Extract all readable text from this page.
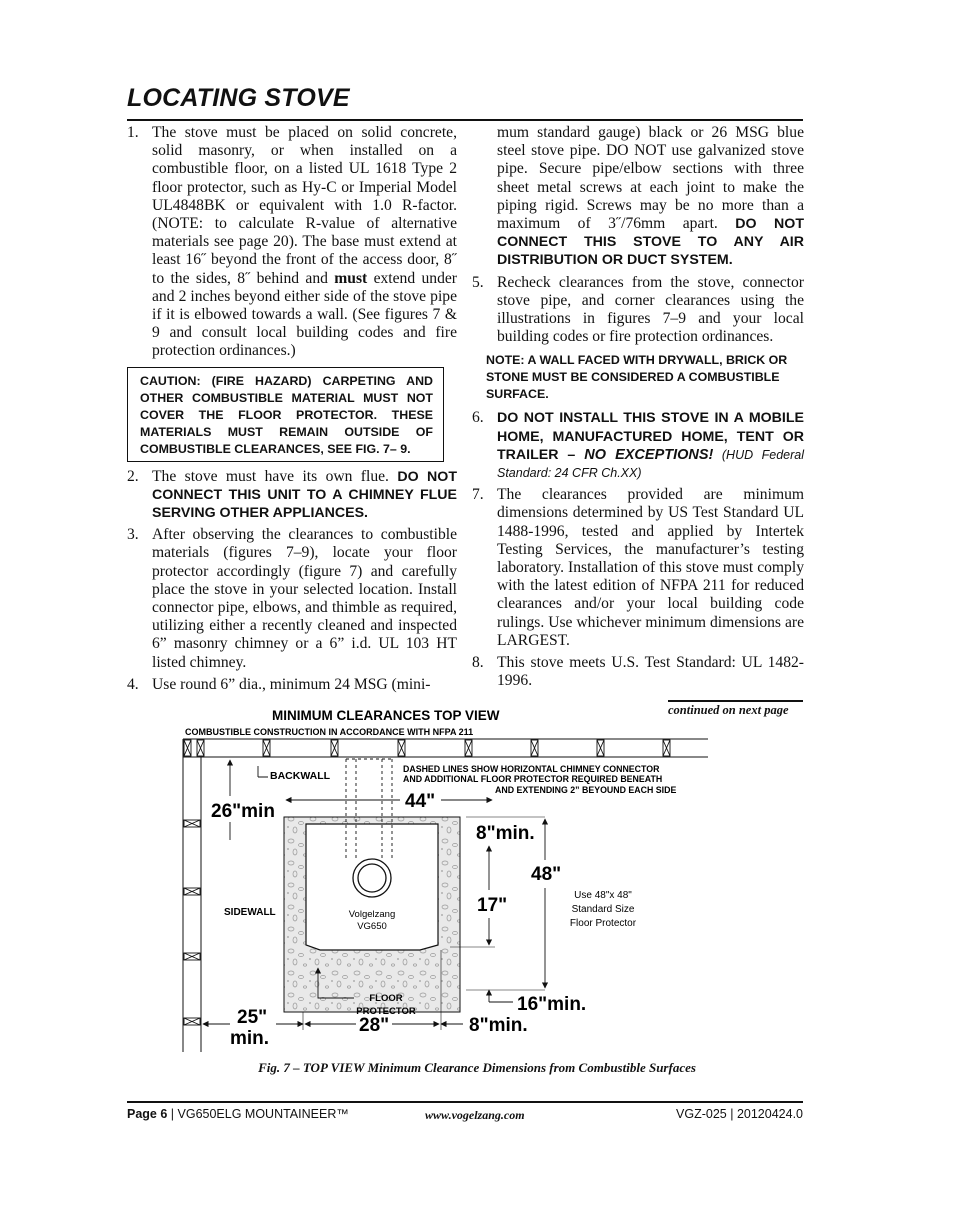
LOCATING STOVE
1. The stove must be placed on solid concrete, solid masonry, or when installed on a combustible floor, on a listed UL 1618 Type 2 floor protector, such as Hy-C or Imperial Model UL4848BK or equivalent with 1.0 R-factor. (NOTE: to calculate R-value of alternative materials see page 20). The base must extend at least 16˝ beyond the front of the access door, 8˝ to the sides, 8˝ behind and must extend under and 2 inches beyond either side of the stove pipe if it is elbowed towards a wall. (See figures 7 & 9 and consult local building codes and fire protection ordinances.)
CAUTION: (FIRE HAZARD) CARPETING AND OTHER COMBUSTIBLE MATERIAL MUST NOT COVER THE FLOOR PROTECTOR. THESE MATERIALS MUST REMAIN OUTSIDE OF COMBUSTIBLE CLEARANCES, SEE FIG. 7– 9.
2. The stove must have its own flue. DO NOT CONNECT THIS UNIT TO A CHIMNEY FLUE SERVING OTHER APPLIANCES.
3. After observing the clearances to combustible materials (figures 7–9), locate your floor protector accordingly (figure 7) and carefully place the stove in your selected location. Install connector pipe, elbows, and thimble as required, utilizing either a recently cleaned and inspected 6” masonry chimney or a 6” i.d. UL 103 HT listed chimney.
4. Use round 6” dia., minimum 24 MSG (mini-
mum standard gauge) black or 26 MSG blue steel stove pipe. DO NOT use galvanized stove pipe. Secure pipe/elbow sections with three sheet metal screws at each joint to make the piping rigid. Screws may be no more than a maximum of 3˝/76mm apart. DO NOT CONNECT THIS STOVE TO ANY AIR DISTRIBUTION OR DUCT SYSTEM.
5. Recheck clearances from the stove, connector stove pipe, and corner clearances using the illustrations in figures 7–9 and your local building codes or fire protection ordinances.
NOTE: A WALL FACED WITH DRYWALL, BRICK OR STONE MUST BE CONSIDERED A COMBUSTIBLE SURFACE.
6. DO NOT INSTALL THIS STOVE IN A MOBILE HOME, MANUFACTURED HOME, TENT OR TRAILER – NO EXCEPTIONS! (HUD Federal Standard: 24 CFR Ch.XX)
7. The clearances provided are minimum dimensions determined by US Test Standard UL 1488-1996, tested and applied by Intertek Testing Services, the manufacturer’s testing laboratory. Installation of this stove must comply with the latest edition of NFPA 211 for reduced clearances and/or your local building code rulings. Use whichever minimum dimensions are LARGEST.
8. This stove meets U.S. Test Standard: UL 1482-1996.
continued on next page
MINIMUM CLEARANCES TOP VIEW
COMBUSTIBLE CONSTRUCTION IN ACCORDANCE WITH NFPA 211
Volgelzang
VG650
BACKWALL
DASHED LINES SHOW HORIZONTAL CHIMNEY CONNECTOR
AND ADDITIONAL FLOOR PROTECTOR REQUIRED BENEATH
AND EXTENDING 2” BEYOUND EACH SIDE
26"min	44"
8"min.
48"
17"	Use 48"x 48"
Standard Size
Floor Protector
SIDEWALL
16"min.
FLOOR
PROTECTOR
25"
min.
28"	8"min.
Fig. 7 – TOP VIEW Minimum Clearance Dimensions from Combustible Surfaces
Page 6 | VG650ELG MOUNTAINEER™	www.vogelzang.com	VGZ-025 | 20120424.0
